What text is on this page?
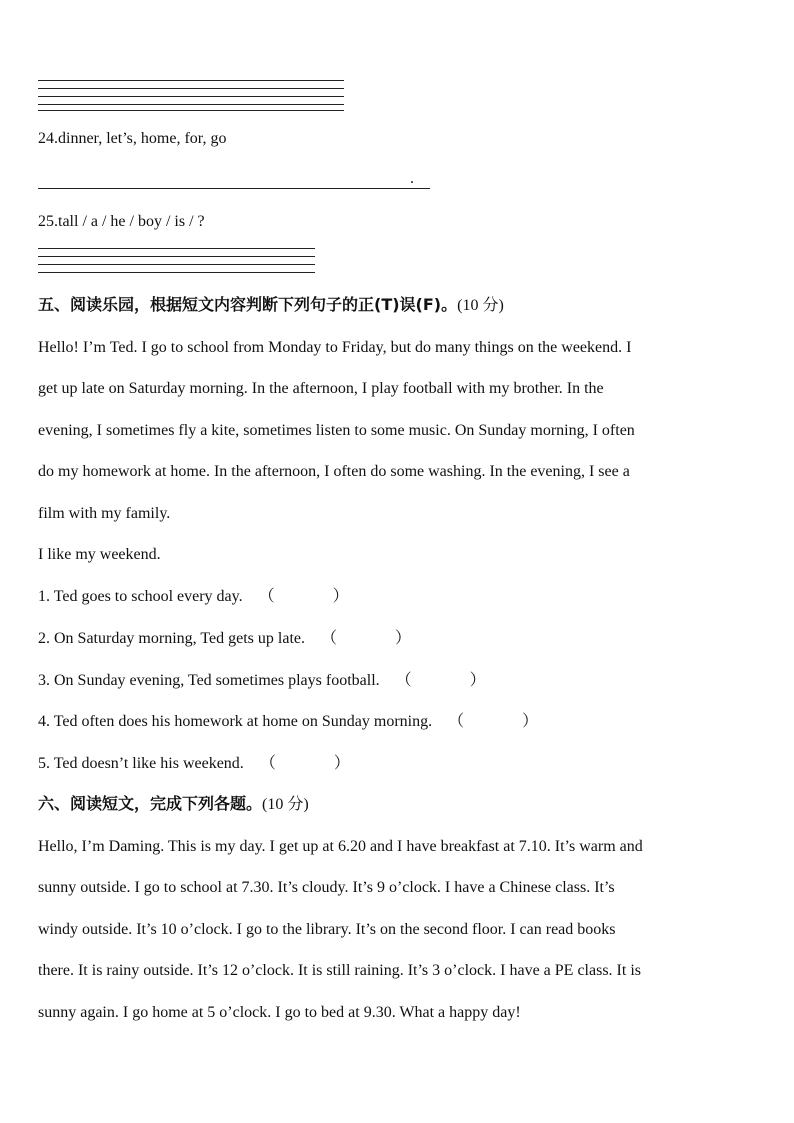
24.dinner, let’s, home, for, go
.
25.tall / a / he / boy / is / ?
五、阅读乐园，根据短文内容判断下列句子的正(T)误(F)。(10 分)
Hello! I’m Ted. I go to school from Monday to Friday, but do many things on the weekend. I
get up late on Saturday morning. In the afternoon, I play football with my brother. In the
evening, I sometimes fly a kite, sometimes listen to some music. On Sunday morning, I often
do my homework at home. In the afternoon, I often do some washing. In the evening, I see a
film with my family.
I like my weekend.
1. Ted goes to school every day. （	）
2. On Saturday morning, Ted gets up late. （	）
3. On Sunday evening, Ted sometimes plays football. （	）
4. Ted often does his homework at home on Sunday morning. （	）
5. Ted doesn’t like his weekend. （	）
六、阅读短文，完成下列各题。(10 分)
Hello, I’m Daming. This is my day. I get up at 6.20 and I have breakfast at 7.10. It’s warm and
sunny outside. I go to school at 7.30. It’s cloudy. It’s 9 o’clock. I have a Chinese class. It’s
windy outside. It’s 10 o’clock. I go to the library. It’s on the second floor. I can read books
there. It is rainy outside. It’s 12 o’clock. It is still raining. It’s 3 o’clock. I have a PE class. It is
sunny again. I go home at 5 o’clock. I go to bed at 9.30. What a happy day!
